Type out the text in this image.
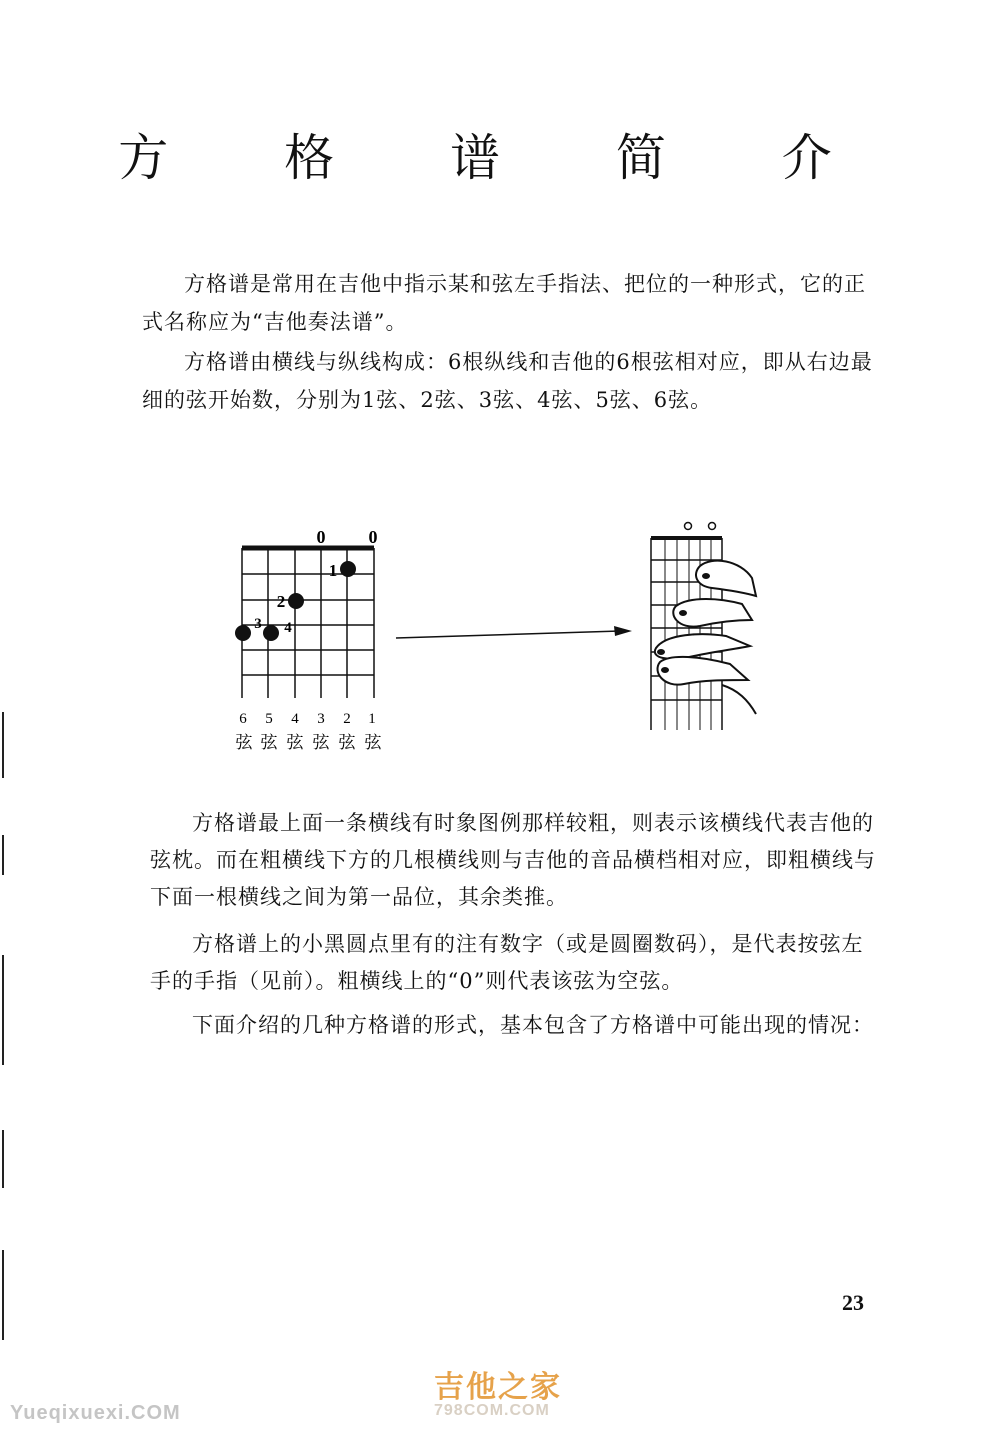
方 格 谱 简 介
方格谱是常用在吉他中指示某和弦左手指法、把位的一种形式，它的正式名称应为“吉他奏法谱”。
方格谱由横线与纵线构成：6根纵线和吉他的6根弦相对应，即从右边最细的弦开始数，分别为1弦、2弦、3弦、4弦、5弦、6弦。
0 0
1
2
3 4
6 5 4 3 2 1
弦 弦 弦 弦 弦 弦
方格谱最上面一条横线有时象图例那样较粗，则表示该横线代表吉他的弦枕。而在粗横线下方的几根横线则与吉他的音品横档相对应，即粗横线与下面一根横线之间为第一品位，其余类推。
方格谱上的小黑圆点里有的注有数字（或是圆圈数码），是代表按弦左手的手指（见前）。粗横线上的“0”则代表该弦为空弦。
下面介绍的几种方格谱的形式，基本包含了方格谱中可能出现的情况：
23
吉他之家
798COM.COM
Yueqixuexi.COM
